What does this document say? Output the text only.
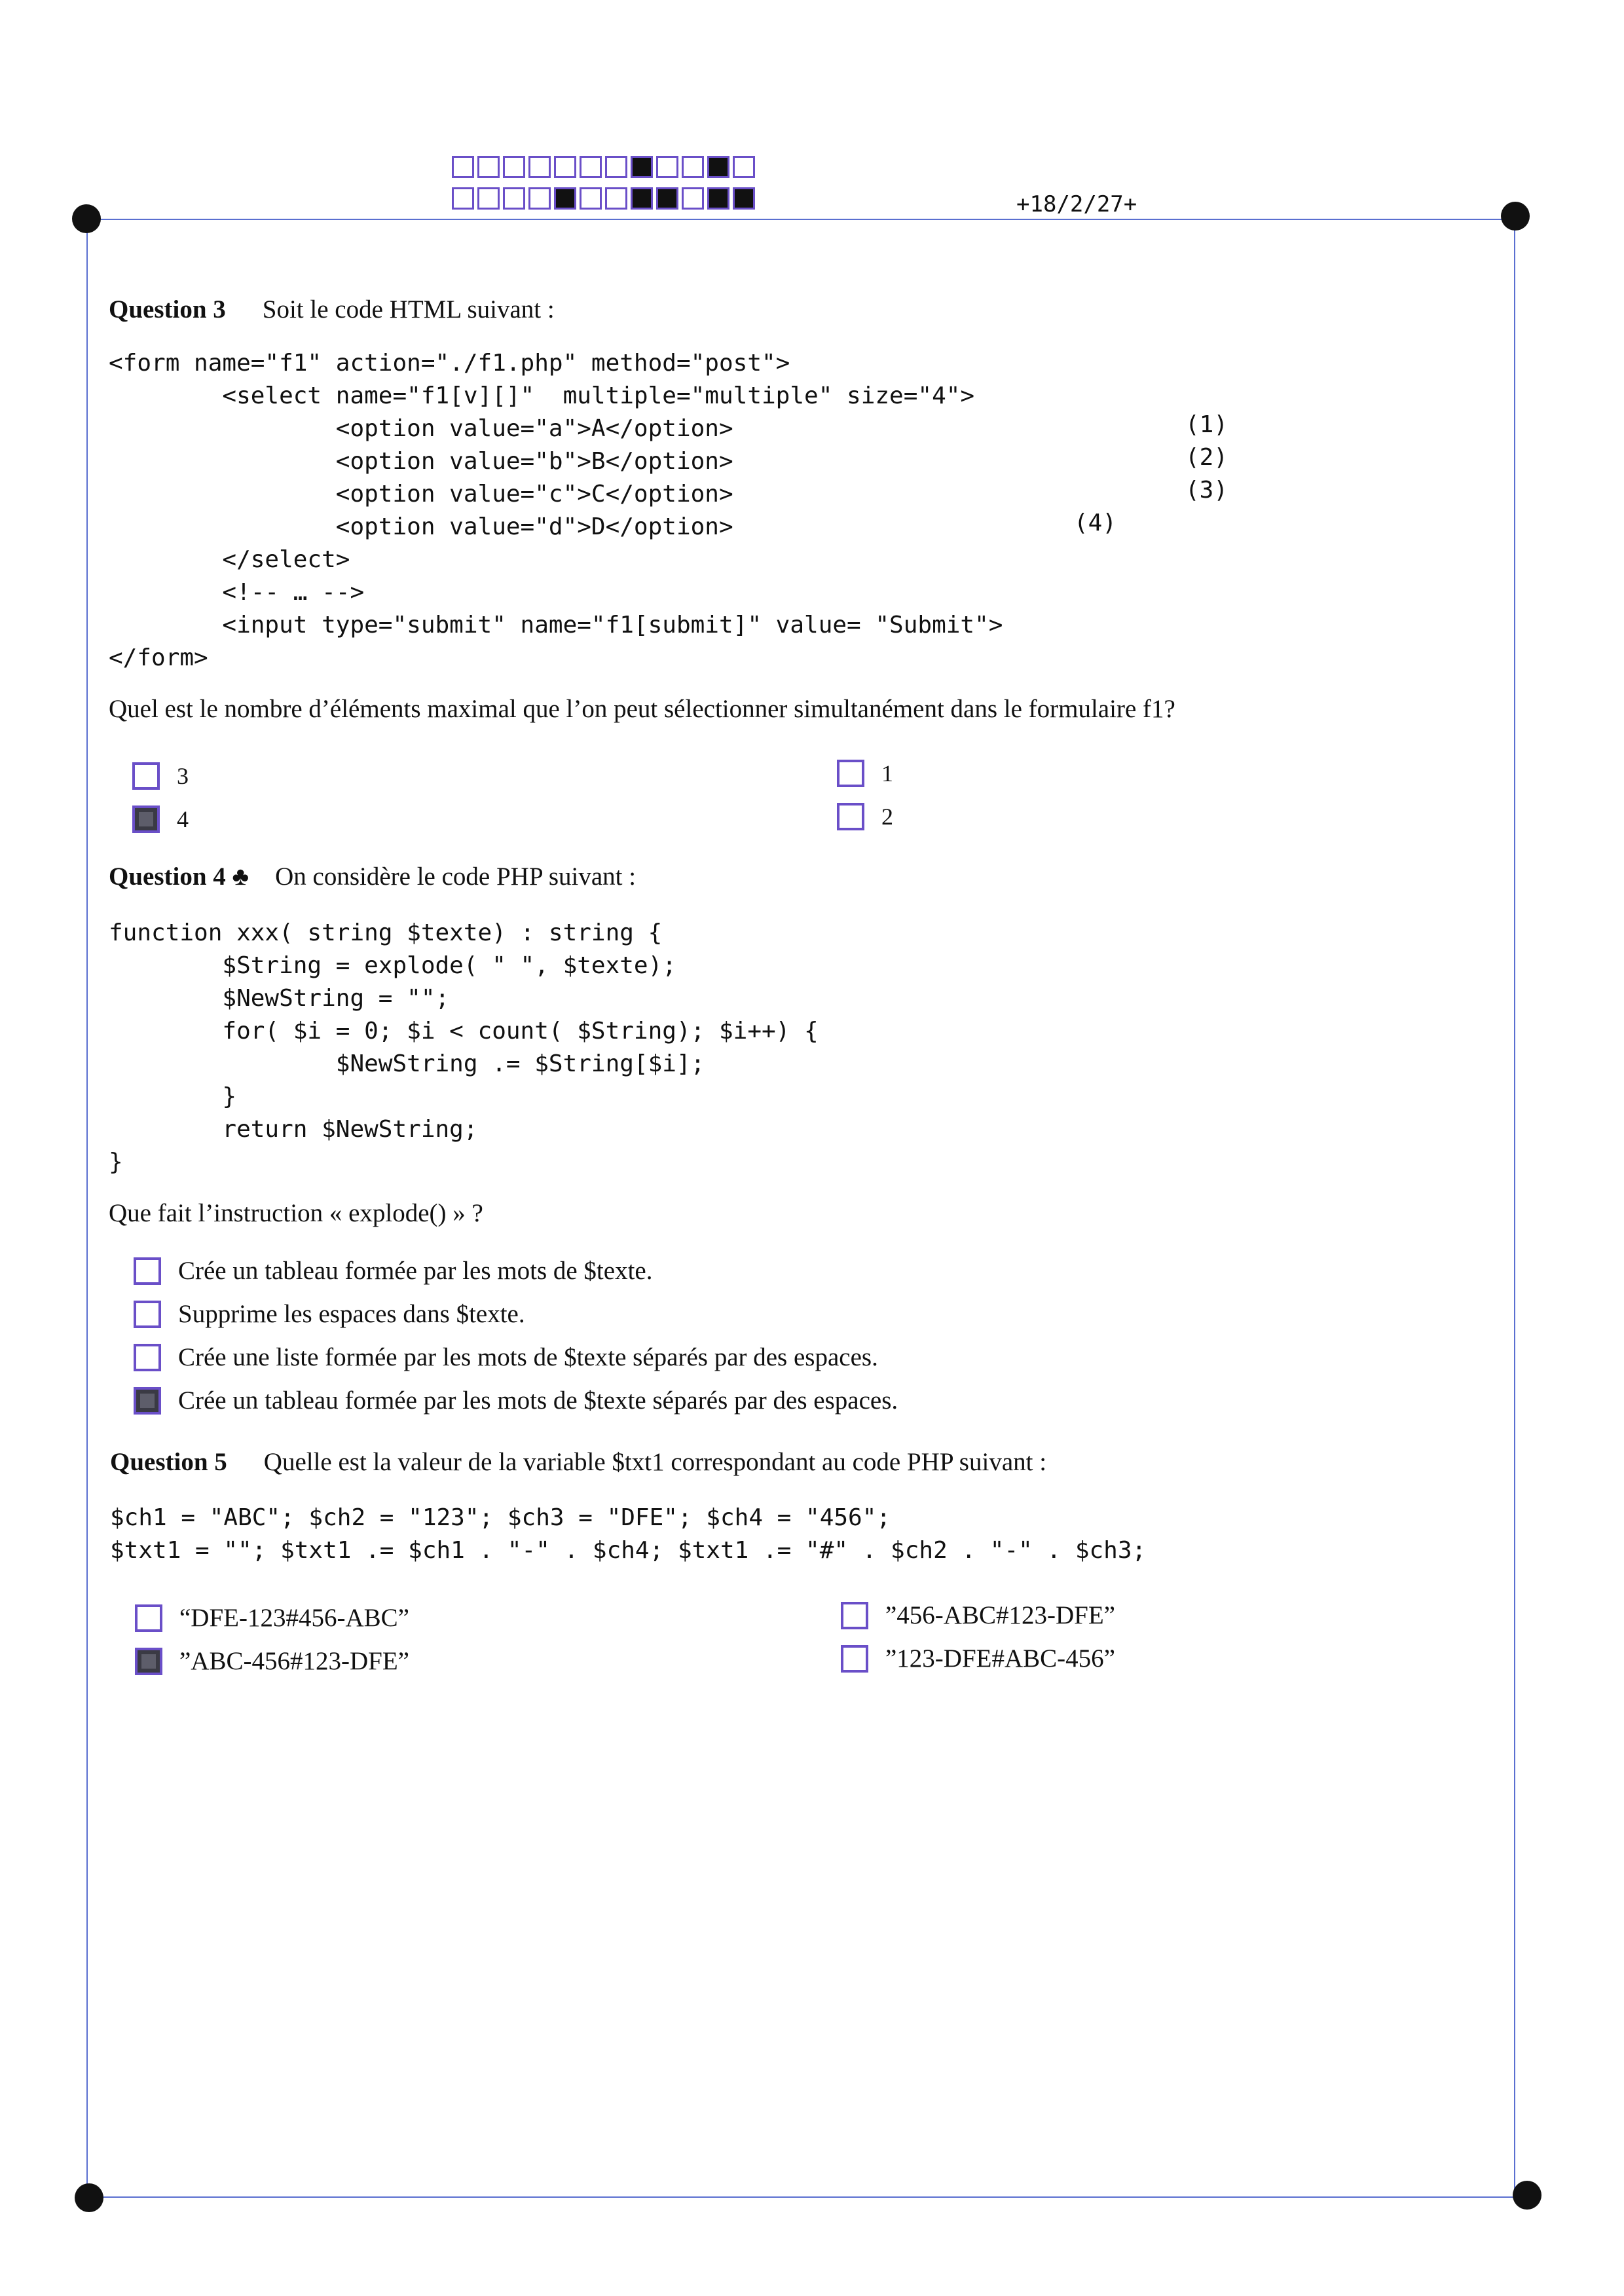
+18/2/27+
Question 3 Soit le code HTML suivant :
<form name="f1" action="./f1.php" method="post">
<select name="f1[v][]"  multiple="multiple" size="4">
<option value="a">A</option>
<option value="b">B</option>
<option value="c">C</option>
<option value="d">D</option>
</select>
<!-- … -->
<input type="submit" name="f1[submit]" value= "Submit">
</form>
(1)
(2)
(3)
(4)
Quel est le nombre d’éléments maximal que l’on peut sélectionner simultanément dans le formulaire f1?
3
4
1
2
Question 4 ♣ On considère le code PHP suivant :
function xxx( string $texte) : string {
$String = explode( " ", $texte);
$NewString = "";
for( $i = 0; $i < count( $String); $i++) {
$NewString .= $String[$i];
}
return $NewString;
}
Que fait l’instruction « explode() » ?
Crée un tableau formée par les mots de $texte.
Supprime les espaces dans $texte.
Crée une liste formée par les mots de $texte séparés par des espaces.
Crée un tableau formée par les mots de $texte séparés par des espaces.
Question 5 Quelle est la valeur de la variable $txt1 correspondant au code PHP suivant :
$ch1 = "ABC"; $ch2 = "123"; $ch3 = "DFE"; $ch4 = "456";
$txt1 = ""; $txt1 .= $ch1 . "-" . $ch4; $txt1 .= "#" . $ch2 . "-" . $ch3;
“DFE-123#456-ABC”
”ABC-456#123-DFE”
”456-ABC#123-DFE”
”123-DFE#ABC-456”
